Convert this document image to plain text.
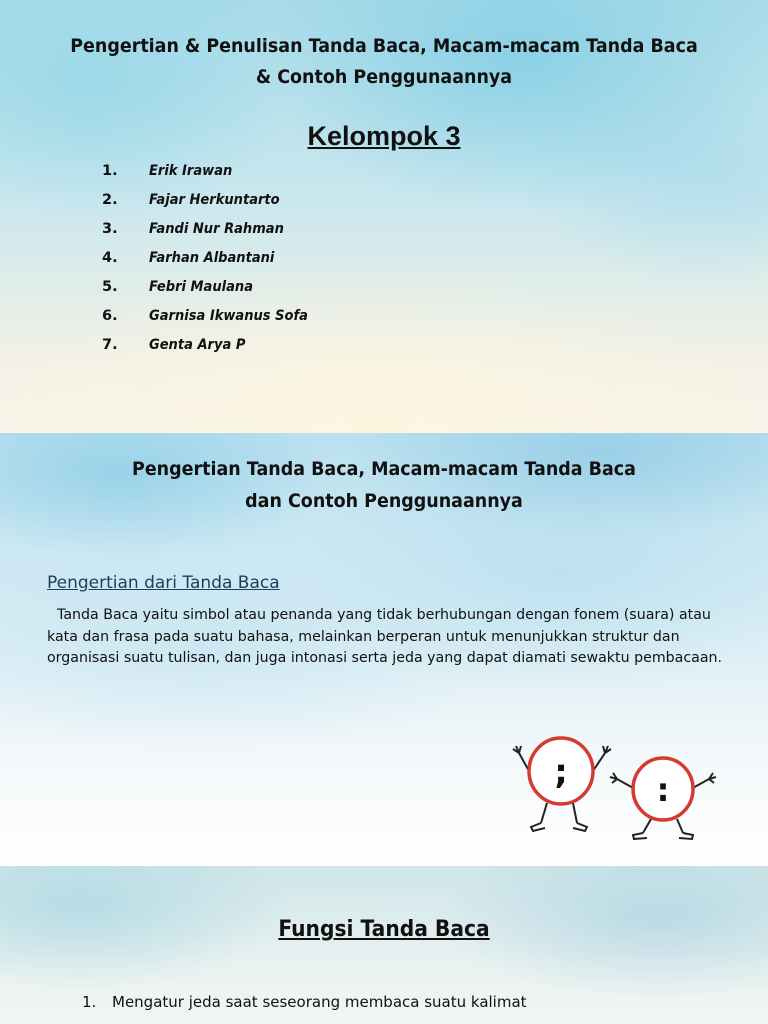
Pengertian & Penulisan Tanda Baca, Macam-macam Tanda Baca
& Contoh Penggunaannya
Kelompok 3
1.	Erik Irawan
2.	Fajar Herkuntarto
3.	Fandi Nur Rahman
4.	Farhan Albantani
5.	Febri Maulana
6.	Garnisa Ikwanus Sofa
7.	Genta Arya P
Pengertian Tanda Baca, Macam-macam Tanda Baca
dan Contoh Penggunaannya
Pengertian dari Tanda Baca

Tanda Baca yaitu simbol atau penanda yang tidak berhubungan dengan fonem (suara) atau kata dan frasa pada suatu bahasa, melainkan berperan untuk menunjukkan struktur dan organisasi suatu tulisan, dan juga intonasi serta jeda yang dapat diamati sewaktu pembacaan.

;	:
Fungsi Tanda Baca
1.	Mengatur jeda saat seseorang membaca suatu kalimat
